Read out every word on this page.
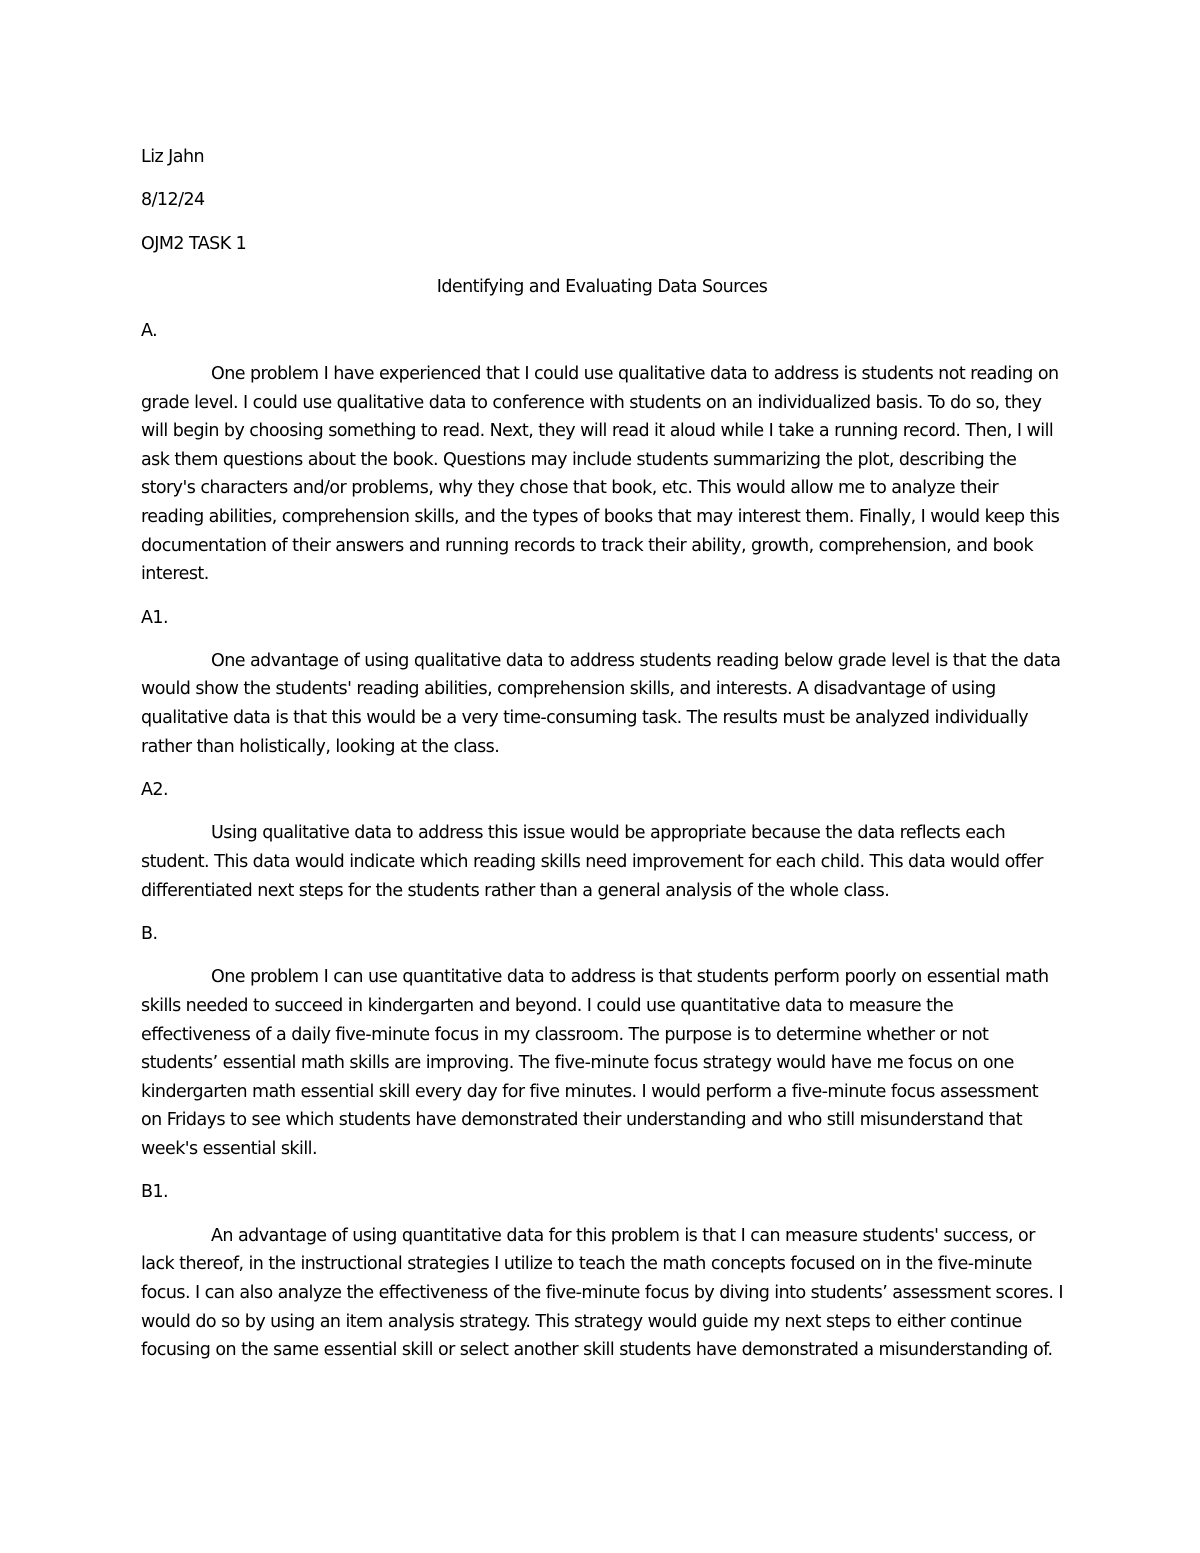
Liz Jahn
8/12/24
OJM2 TASK 1
Identifying and Evaluating Data Sources
A.
One problem I have experienced that I could use qualitative data to address is students not reading on grade level. I could use qualitative data to conference with students on an individualized basis. To do so, they will begin by choosing something to read. Next, they will read it aloud while I take a running record. Then, I will ask them questions about the book. Questions may include students summarizing the plot, describing the story's characters and/or problems, why they chose that book, etc. This would allow me to analyze their reading abilities, comprehension skills, and the types of books that may interest them. Finally, I would keep this documentation of their answers and running records to track their ability, growth, comprehension, and book interest.
A1.
One advantage of using qualitative data to address students reading below grade level is that the data would show the students' reading abilities, comprehension skills, and interests. A disadvantage of using qualitative data is that this would be a very time-consuming task. The results must be analyzed individually rather than holistically, looking at the class.
A2.
Using qualitative data to address this issue would be appropriate because the data reflects each student. This data would indicate which reading skills need improvement for each child. This data would offer differentiated next steps for the students rather than a general analysis of the whole class.
B.
One problem I can use quantitative data to address is that students perform poorly on essential math skills needed to succeed in kindergarten and beyond. I could use quantitative data to measure the effectiveness of a daily five-minute focus in my classroom. The purpose is to determine whether or not students’ essential math skills are improving. The five-minute focus strategy would have me focus on one kindergarten math essential skill every day for five minutes. I would perform a five-minute focus assessment on Fridays to see which students have demonstrated their understanding and who still misunderstand that week's essential skill.
B1.
An advantage of using quantitative data for this problem is that I can measure students' success, or lack thereof, in the instructional strategies I utilize to teach the math concepts focused on in the five-minute focus. I can also analyze the effectiveness of the five-minute focus by diving into students’ assessment scores. I would do so by using an item analysis strategy. This strategy would guide my next steps to either continue focusing on the same essential skill or select another skill students have demonstrated a misunderstanding of.
